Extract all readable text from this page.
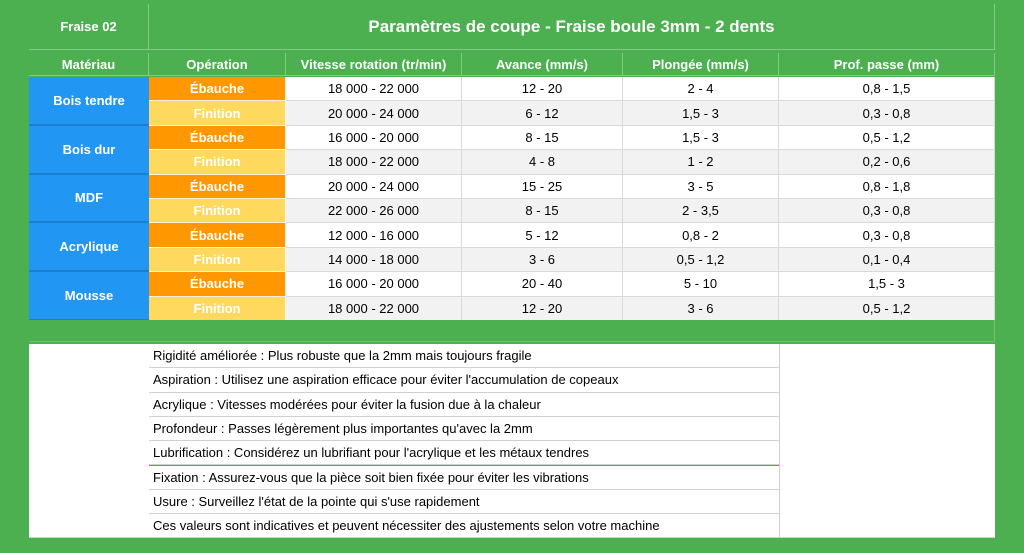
Fraise 02	Paramètres de coupe - Fraise boule 3mm - 2 dents
Matériau	Opération	Vitesse rotation (tr/min)	Avance (mm/s)	Plongée (mm/s)	Prof. passe (mm)
Bois tendre
Ébauche	18 000 - 22 000	12 - 20	2 - 4	0,8 - 1,5
Finition	20 000 - 24 000	6 - 12	1,5 - 3	0,3 - 0,8
Bois dur
Ébauche	16 000 - 20 000	8 - 15	1,5 - 3	0,5 - 1,2
Finition	18 000 - 22 000	4 - 8	1 - 2	0,2 - 0,6
MDF
Ébauche	20 000 - 24 000	15 - 25	3 - 5	0,8 - 1,8
Finition	22 000 - 26 000	8 - 15	2 - 3,5	0,3 - 0,8
Acrylique
Ébauche	12 000 - 16 000	5 - 12	0,8 - 2	0,3 - 0,8
Finition	14 000 - 18 000	3 - 6	0,5 - 1,2	0,1 - 0,4
Mousse
Ébauche	16 000 - 20 000	20 - 40	5 - 10	1,5 - 3
Finition	18 000 - 22 000	12 - 20	3 - 6	0,5 - 1,2
Rigidité améliorée : Plus robuste que la 2mm mais toujours fragile
Aspiration : Utilisez une aspiration efficace pour éviter l'accumulation de copeaux
Acrylique : Vitesses modérées pour éviter la fusion due à la chaleur
Profondeur : Passes légèrement plus importantes qu'avec la 2mm
Lubrification : Considérez un lubrifiant pour l'acrylique et les métaux tendres
Fixation : Assurez-vous que la pièce soit bien fixée pour éviter les vibrations
Usure : Surveillez l'état de la pointe qui s'use rapidement
Ces valeurs sont indicatives et peuvent nécessiter des ajustements selon votre machine
